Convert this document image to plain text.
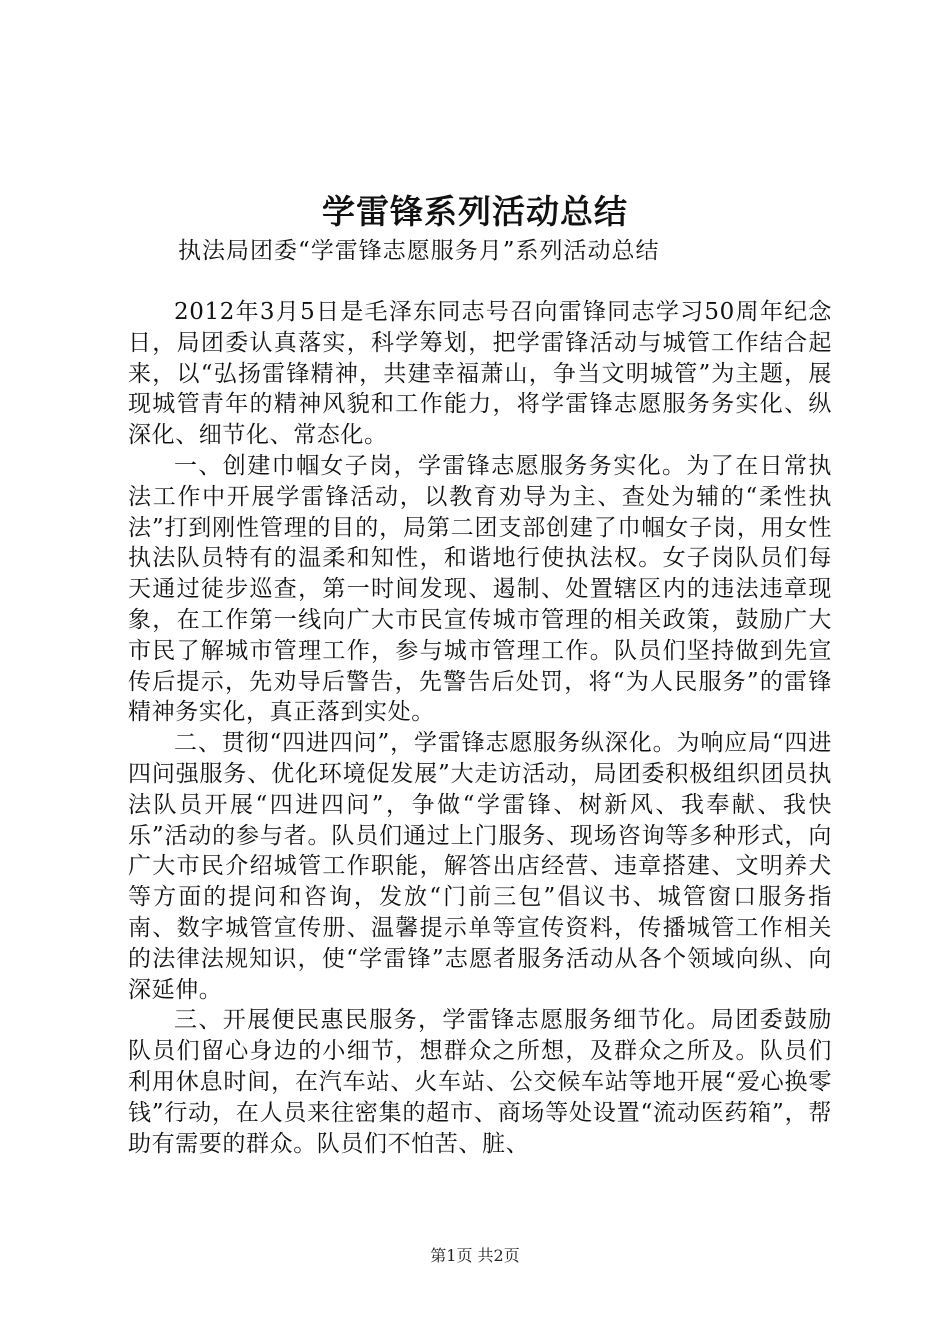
学雷锋系列活动总结
执法局团委“学雷锋志愿服务月”系列活动总结

2012年3月5日是毛泽东同志号召向雷锋同志学习50周年纪念日，局团委认真落实，科学筹划，把学雷锋活动与城管工作结合起来，以“弘扬雷锋精神，共建幸福萧山，争当文明城管”为主题，展现城管青年的精神风貌和工作能力，将学雷锋志愿服务务实化、纵深化、细节化、常态化。

一、创建巾帼女子岗，学雷锋志愿服务务实化。为了在日常执法工作中开展学雷锋活动，以教育劝导为主、查处为辅的“柔性执法”打到刚性管理的目的，局第二团支部创建了巾帼女子岗，用女性执法队员特有的温柔和知性，和谐地行使执法权。女子岗队员们每天通过徒步巡查，第一时间发现、遏制、处置辖区内的违法违章现象，在工作第一线向广大市民宣传城市管理的相关政策，鼓励广大市民了解城市管理工作，参与城市管理工作。队员们坚持做到先宣传后提示，先劝导后警告，先警告后处罚，将“为人民服务”的雷锋精神务实化，真正落到实处。

二、贯彻“四进四问”，学雷锋志愿服务纵深化。为响应局“四进四问强服务、优化环境促发展”大走访活动，局团委积极组织团员执法队员开展“四进四问”，争做“学雷锋、树新风、我奉献、我快乐”活动的参与者。队员们通过上门服务、现场咨询等多种形式，向广大市民介绍城管工作职能，解答出店经营、违章搭建、文明养犬等方面的提问和咨询，发放“门前三包”倡议书、城管窗口服务指南、数字城管宣传册、温馨提示单等宣传资料，传播城管工作相关的法律法规知识，使“学雷锋”志愿者服务活动从各个领域向纵、向深延伸。

三、开展便民惠民服务，学雷锋志愿服务细节化。局团委鼓励队员们留心身边的小细节，想群众之所想，及群众之所及。队员们利用休息时间，在汽车站、火车站、公交候车站等地开展“爱心换零钱”行动，在人员来往密集的超市、商场等处设置“流动医药箱”，帮助有需要的群众。队员们不怕苦、脏、

第1页 共2页
